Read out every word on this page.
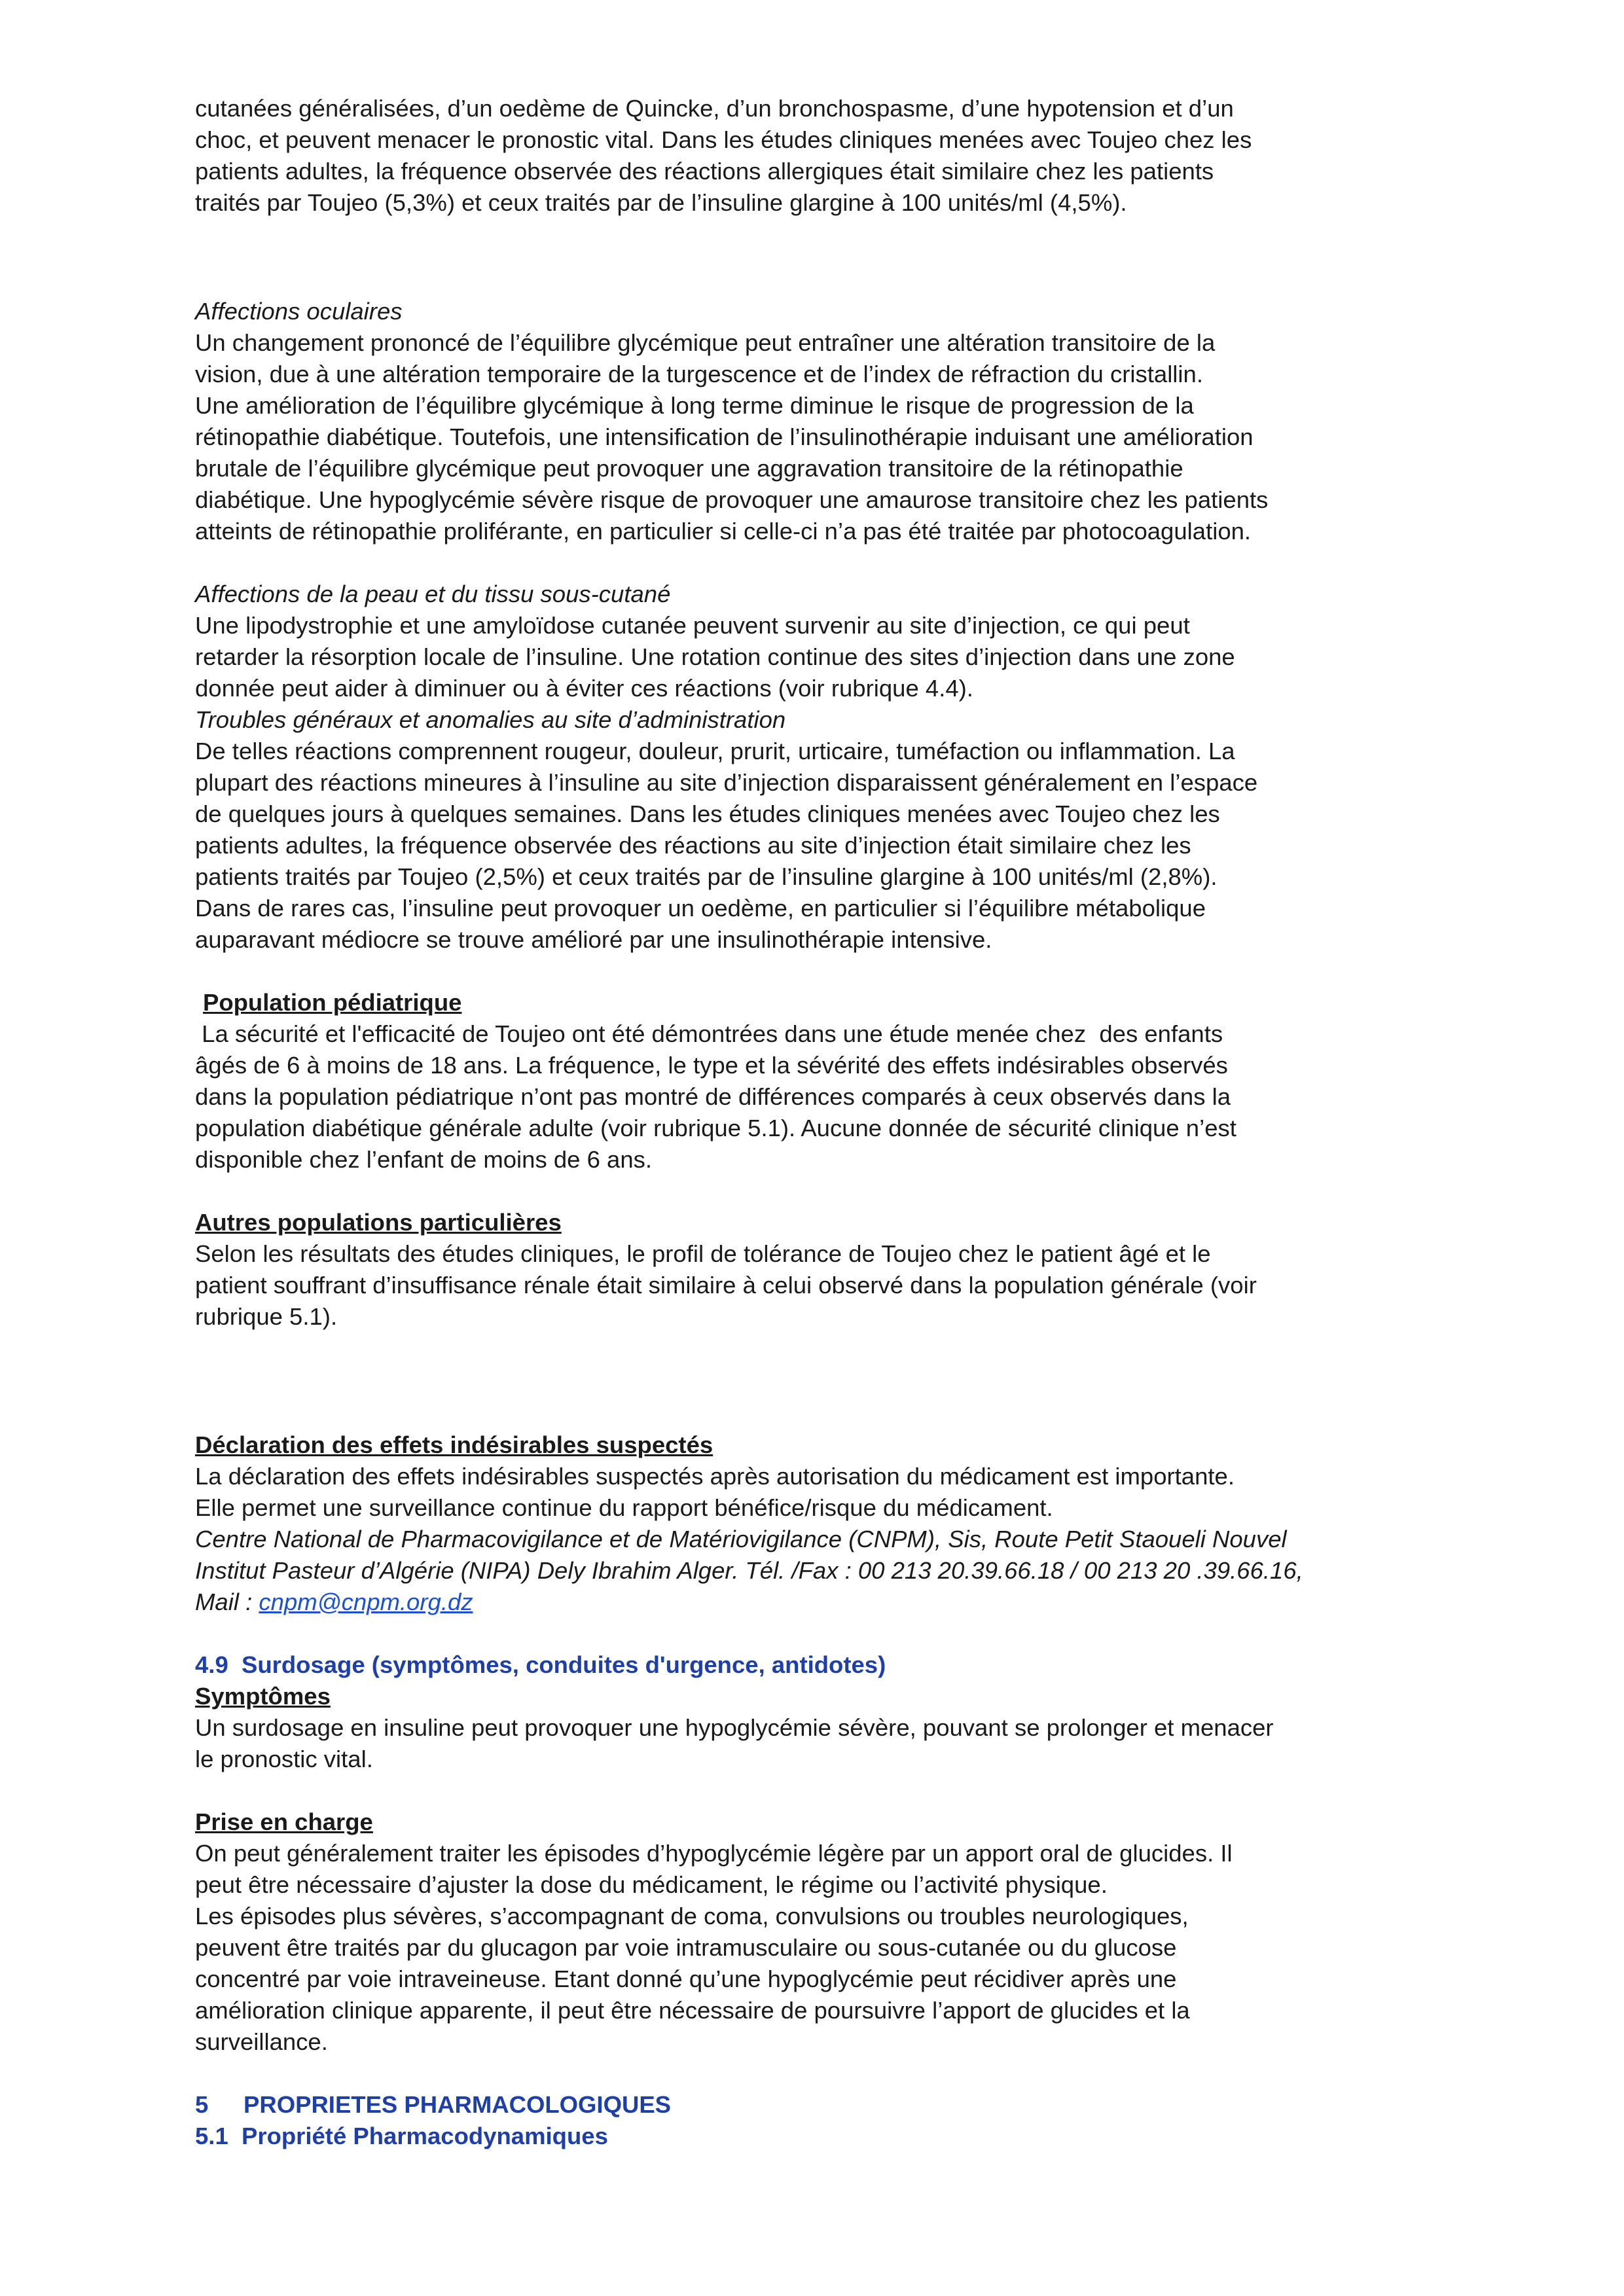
cutanées généralisées, d’un oedème de Quincke, d’un bronchospasme, d’une hypotension et d’un

choc, et peuvent menacer le pronostic vital. Dans les études cliniques menées avec Toujeo chez les

patients adultes, la fréquence observée des réactions allergiques était similaire chez les patients

traités par Toujeo (5,3%) et ceux traités par de l’insuline glargine à 100 unités/ml (4,5%).

Affections oculaires

Un changement prononcé de l’équilibre glycémique peut entraîner une altération transitoire de la

vision, due à une altération temporaire de la turgescence et de l’index de réfraction du cristallin.

Une amélioration de l’équilibre glycémique à long terme diminue le risque de progression de la

rétinopathie diabétique. Toutefois, une intensification de l’insulinothérapie induisant une amélioration

brutale de l’équilibre glycémique peut provoquer une aggravation transitoire de la rétinopathie

diabétique. Une hypoglycémie sévère risque de provoquer une amaurose transitoire chez les patients

atteints de rétinopathie proliférante, en particulier si celle-ci n’a pas été traitée par photocoagulation.

Affections de la peau et du tissu sous-cutané

Une lipodystrophie et une amyloïdose cutanée peuvent survenir au site d’injection, ce qui peut

retarder la résorption locale de l’insuline. Une rotation continue des sites d’injection dans une zone

donnée peut aider à diminuer ou à éviter ces réactions (voir rubrique 4.4).

Troubles généraux et anomalies au site d’administration

De telles réactions comprennent rougeur, douleur, prurit, urticaire, tuméfaction ou inflammation. La

plupart des réactions mineures à l’insuline au site d’injection disparaissent généralement en l’espace

de quelques jours à quelques semaines. Dans les études cliniques menées avec Toujeo chez les

patients adultes, la fréquence observée des réactions au site d’injection était similaire chez les

patients traités par Toujeo (2,5%) et ceux traités par de l’insuline glargine à 100 unités/ml (2,8%).

Dans de rares cas, l’insuline peut provoquer un oedème, en particulier si l’équilibre métabolique

auparavant médiocre se trouve amélioré par une insulinothérapie intensive.

Population pédiatrique

La sécurité et l'efficacité de Toujeo ont été démontrées dans une étude menée chez  des enfants

âgés de 6 à moins de 18 ans. La fréquence, le type et la sévérité des effets indésirables observés

dans la population pédiatrique n’ont pas montré de différences comparés à ceux observés dans la

population diabétique générale adulte (voir rubrique 5.1). Aucune donnée de sécurité clinique n’est

disponible chez l’enfant de moins de 6 ans.

Autres populations particulières

Selon les résultats des études cliniques, le profil de tolérance de Toujeo chez le patient âgé et le

patient souffrant d’insuffisance rénale était similaire à celui observé dans la population générale (voir

rubrique 5.1).

Déclaration des effets indésirables suspectés

La déclaration des effets indésirables suspectés après autorisation du médicament est importante.

Elle permet une surveillance continue du rapport bénéfice/risque du médicament.

Centre National de Pharmacovigilance et de Matériovigilance (CNPM), Sis, Route Petit Staoueli Nouvel

Institut Pasteur d’Algérie (NIPA) Dely Ibrahim Alger. Tél. /Fax : 00 213 20.39.66.18 / 00 213 20 .39.66.16,

Mail : cnpm@cnpm.org.dz

4.9  Surdosage (symptômes, conduites d'urgence, antidotes)

Symptômes

Un surdosage en insuline peut provoquer une hypoglycémie sévère, pouvant se prolonger et menacer

le pronostic vital.

Prise en charge

On peut généralement traiter les épisodes d’hypoglycémie légère par un apport oral de glucides. Il

peut être nécessaire d’ajuster la dose du médicament, le régime ou l’activité physique.

Les épisodes plus sévères, s’accompagnant de coma, convulsions ou troubles neurologiques,

peuvent être traités par du glucagon par voie intramusculaire ou sous-cutanée ou du glucose

concentré par voie intraveineuse. Etant donné qu’une hypoglycémie peut récidiver après une

amélioration clinique apparente, il peut être nécessaire de poursuivre l’apport de glucides et la

surveillance.

5 PROPRIETES PHARMACOLOGIQUES

5.1  Propriété Pharmacodynamiques
